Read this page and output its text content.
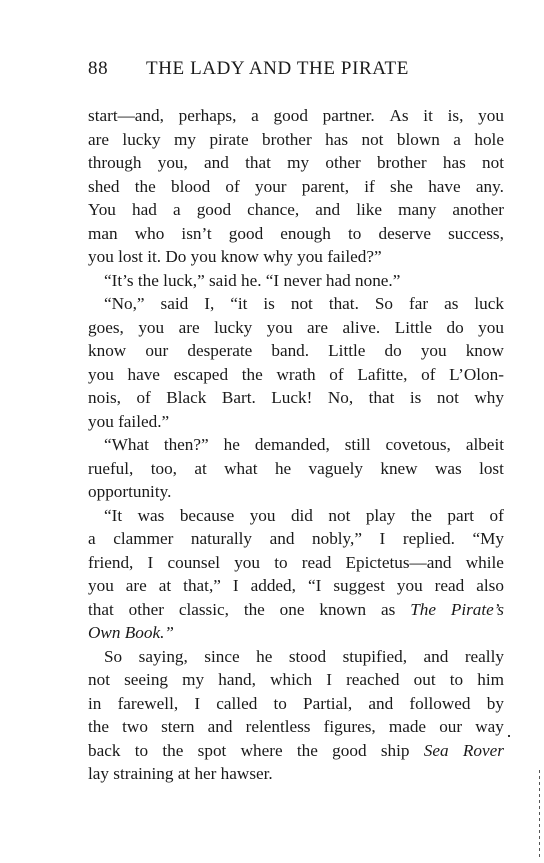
88 THE LADY AND THE PIRATE
start—and, perhaps, a good partner. As it is, you
are lucky my pirate brother has not blown a hole
through you, and that my other brother has not
shed the blood of your parent, if she have any.
You had a good chance, and like many another
man who isn’t good enough to deserve success,
you lost it. Do you know why you failed?”
“It’s the luck,” said he. “I never had none.”
“No,” said I, “it is not that. So far as luck
goes, you are lucky you are alive. Little do you
know our desperate band. Little do you know
you have escaped the wrath of Lafitte, of L’Olon-
nois, of Black Bart. Luck! No, that is not why
you failed.”
“What then?” he demanded, still covetous, albeit
rueful, too, at what he vaguely knew was lost
opportunity.
“It was because you did not play the part of
a clammer naturally and nobly,” I replied. “My
friend, I counsel you to read Epictetus—and while
you are at that,” I added, “I suggest you read also
that other classic, the one known as The Pirate’s
Own Book.”
So saying, since he stood stupified, and really
not seeing my hand, which I reached out to him
in farewell, I called to Partial, and followed by
the two stern and relentless figures, made our way
back to the spot where the good ship Sea Rover
lay straining at her hawser.
